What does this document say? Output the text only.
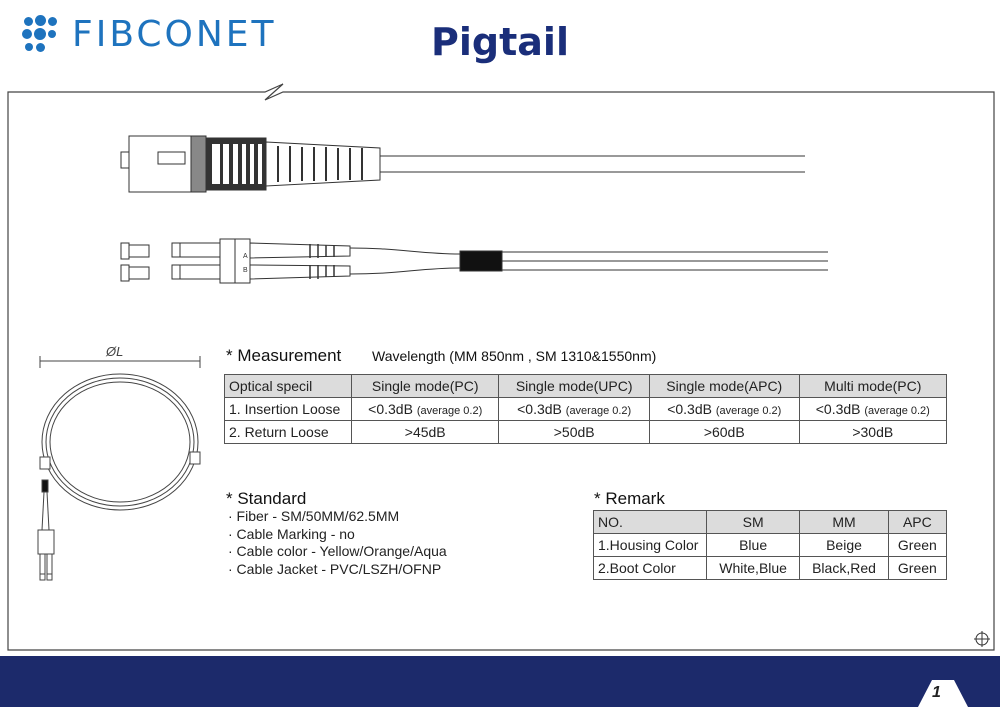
FIBCONET	Pigtail
A
B
ØL	* Measurement Wavelength (MM 850nm , SM 1310&1550nm)
Optical specil	Single mode(PC)	Single mode(UPC)	Single mode(APC)	Multi mode(PC)
1. Insertion Loose	<0.3dB (average 0.2)	<0.3dB (average 0.2)	<0.3dB (average 0.2)	<0.3dB (average 0.2)
2. Return Loose	>45dB	>50dB	>60dB	>30dB
* Standard
· Fiber - SM/50MM/62.5MM
· Cable Marking - no
· Cable color - Yellow/Orange/Aqua
· Cable Jacket - PVC/LSZH/OFNP
* Remark
NO.	SM	MM	APC
1.Housing Color	Blue	Beige	Green
2.Boot Color	White,Blue	Black,Red	Green
1
